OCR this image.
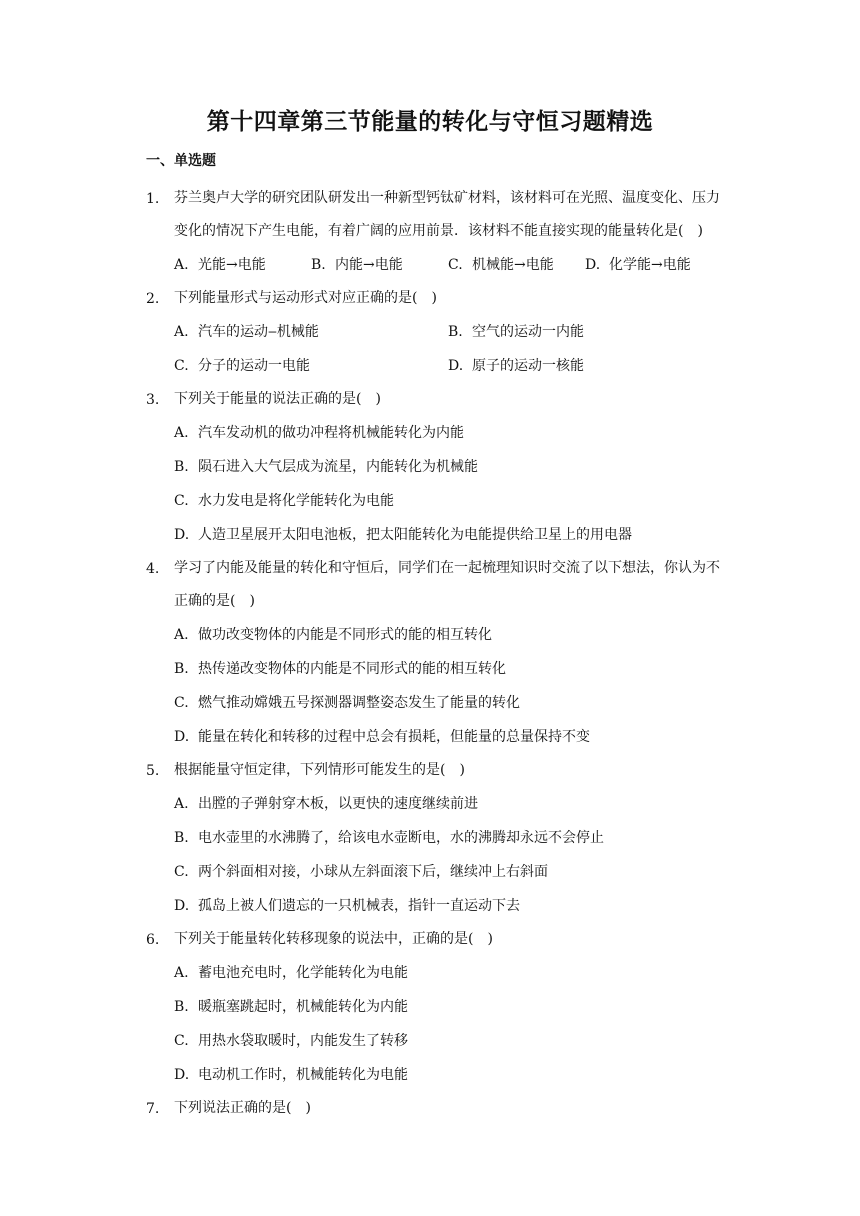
第十四章第三节能量的转化与守恒习题精选
一、单选题
1.	芬兰奥卢大学的研究团队研发出一种新型钙钛矿材料，该材料可在光照、温度变化、压力变化的情况下产生电能，有着广阔的应用前景．该材料不能直接实现的能量转化是(　)
A. 光能→电能	B. 内能→电能	C. 机械能→电能	D. 化学能→电能
2.	下列能量形式与运动形式对应正确的是(　)
A. 汽车的运动‒机械能	B. 空气的运动一内能
C. 分子的运动一电能	D. 原子的运动一核能
3.	下列关于能量的说法正确的是(　)
A. 汽车发动机的做功冲程将机械能转化为内能
B. 陨石进入大气层成为流星，内能转化为机械能
C. 水力发电是将化学能转化为电能
D. 人造卫星展开太阳电池板，把太阳能转化为电能提供给卫星上的用电器
4.	学习了内能及能量的转化和守恒后，同学们在一起梳理知识时交流了以下想法，你认为不正确的是(　)
A. 做功改变物体的内能是不同形式的能的相互转化
B. 热传递改变物体的内能是不同形式的能的相互转化
C. 燃气推动嫦娥五号探测器调整姿态发生了能量的转化
D. 能量在转化和转移的过程中总会有损耗，但能量的总量保持不变
5.	根据能量守恒定律，下列情形可能发生的是(　)
A. 出膛的子弹射穿木板，以更快的速度继续前进
B. 电水壶里的水沸腾了，给该电水壶断电，水的沸腾却永远不会停止
C. 两个斜面相对接，小球从左斜面滚下后，继续冲上右斜面
D. 孤岛上被人们遗忘的一只机械表，指针一直运动下去
6.	下列关于能量转化转移现象的说法中，正确的是(　)
A. 蓄电池充电时，化学能转化为电能
B. 暖瓶塞跳起时，机械能转化为内能
C. 用热水袋取暖时，内能发生了转移
D. 电动机工作时，机械能转化为电能
7.	下列说法正确的是(　)
